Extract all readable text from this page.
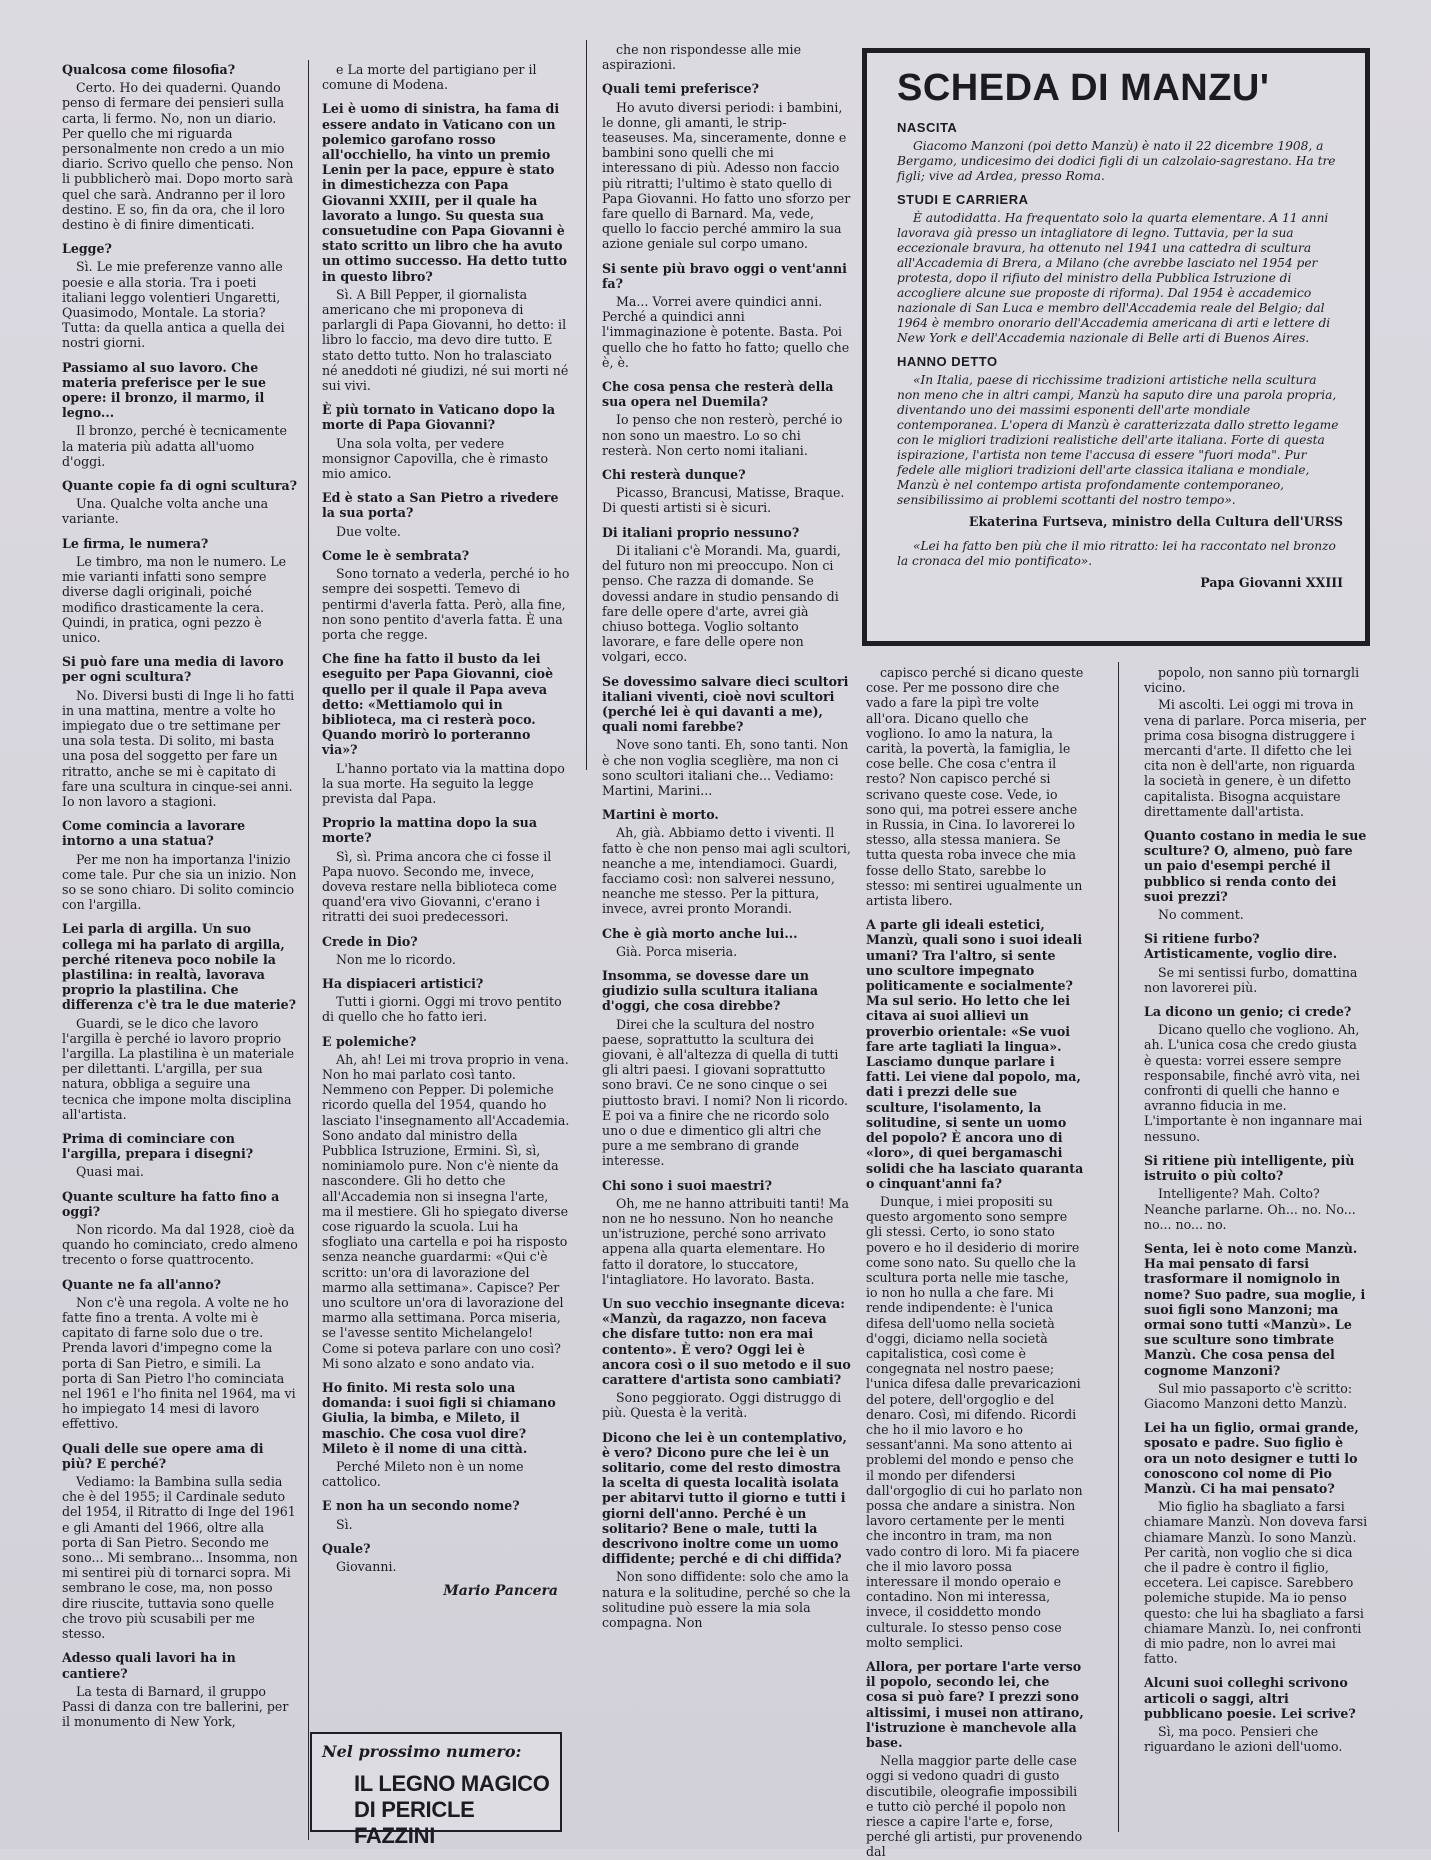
Qualcosa come filosofia?
Certo. Ho dei quaderni. Quando penso di fermare dei pensieri sulla carta, li fermo. No, non un diario. Per quello che mi riguarda personalmente non credo a un mio diario. Scrivo quello che penso. Non li pubblicherò mai. Dopo morto sarà quel che sarà. Andranno per il loro destino. E so, fin da ora, che il loro destino è di finire dimenticati.
Legge?
Sì. Le mie preferenze vanno alle poesie e alla storia. Tra i poeti italiani leggo volentieri Ungaretti, Quasimodo, Montale. La storia? Tutta: da quella antica a quella dei nostri giorni.
Passiamo al suo lavoro. Che materia preferisce per le sue opere: il bronzo, il marmo, il legno...
Il bronzo, perché è tecnicamente la materia più adatta all'uomo d'oggi.
Quante copie fa di ogni scultura?
Una. Qualche volta anche una variante.
Le firma, le numera?
Le timbro, ma non le numero. Le mie varianti infatti sono sempre diverse dagli originali, poiché modifico drasticamente la cera. Quindi, in pratica, ogni pezzo è unico.
Si può fare una media di lavoro per ogni scultura?
No. Diversi busti di Inge li ho fatti in una mattina, mentre a volte ho impiegato due o tre settimane per una sola testa. Di solito, mi basta una posa del soggetto per fare un ritratto, anche se mi è capitato di fare una scultura in cinque-sei anni. Io non lavoro a stagioni.
Come comincia a lavorare intorno a una statua?
Per me non ha importanza l'inizio come tale. Pur che sia un inizio. Non so se sono chiaro. Di solito comincio con l'argilla.
Lei parla di argilla. Un suo collega mi ha parlato di argilla, perché riteneva poco nobile la plastilina: in realtà, lavorava proprio la plastilina. Che differenza c'è tra le due materie?
Guardi, se le dico che lavoro l'argilla è perché io lavoro proprio l'argilla. La plastilina è un materiale per dilettanti. L'argilla, per sua natura, obbliga a seguire una tecnica che impone molta disciplina all'artista.
Prima di cominciare con l'argilla, prepara i disegni?
Quasi mai.
Quante sculture ha fatto fino a oggi?
Non ricordo. Ma dal 1928, cioè da quando ho cominciato, credo almeno trecento o forse quattrocento.
Quante ne fa all'anno?
Non c'è una regola. A volte ne ho fatte fino a trenta. A volte mi è capitato di farne solo due o tre. Prenda lavori d'impegno come la porta di San Pietro, e simili. La porta di San Pietro l'ho cominciata nel 1961 e l'ho finita nel 1964, ma vi ho impiegato 14 mesi di lavoro effettivo.
Quali delle sue opere ama di più? E perché?
Vediamo: la Bambina sulla sedia che è del 1955; il Cardinale seduto del 1954, il Ritratto di Inge del 1961 e gli Amanti del 1966, oltre alla porta di San Pietro. Secondo me sono... Mi sembrano... Insomma, non mi sentirei più di tornarci sopra. Mi sembrano le cose, ma, non posso dire riuscite, tuttavia sono quelle che trovo più scusabili per me stesso.
Adesso quali lavori ha in cantiere?
La testa di Barnard, il gruppo Passi di danza con tre ballerini, per il monumento di New York,
e La morte del partigiano per il comune di Modena.
Lei è uomo di sinistra, ha fama di essere andato in Vaticano con un polemico garofano rosso all'occhiello, ha vinto un premio Lenin per la pace, eppure è stato in dimestichezza con Papa Giovanni XXIII, per il quale ha lavorato a lungo. Su questa sua consuetudine con Papa Giovanni è stato scritto un libro che ha avuto un ottimo successo. Ha detto tutto in questo libro?
Sì. A Bill Pepper, il giornalista americano che mi proponeva di parlargli di Papa Giovanni, ho detto: il libro lo faccio, ma devo dire tutto. E stato detto tutto. Non ho tralasciato né aneddoti né giudizi, né sui morti né sui vivi.
È più tornato in Vaticano dopo la morte di Papa Giovanni?
Una sola volta, per vedere monsignor Capovilla, che è rimasto mio amico.
Ed è stato a San Pietro a rivedere la sua porta?
Due volte.
Come le è sembrata?
Sono tornato a vederla, perché io ho sempre dei sospetti. Temevo di pentirmi d'averla fatta. Però, alla fine, non sono pentito d'averla fatta. È una porta che regge.
Che fine ha fatto il busto da lei eseguito per Papa Giovanni, cioè quello per il quale il Papa aveva detto: «Mettiamolo qui in biblioteca, ma ci resterà poco. Quando morirò lo porteranno via»?
L'hanno portato via la mattina dopo la sua morte. Ha seguito la legge prevista dal Papa.
Proprio la mattina dopo la sua morte?
Sì, sì. Prima ancora che ci fosse il Papa nuovo. Secondo me, invece, doveva restare nella biblioteca come quand'era vivo Giovanni, c'erano i ritratti dei suoi predecessori.
Crede in Dio?
Non me lo ricordo.
Ha dispiaceri artistici?
Tutti i giorni. Oggi mi trovo pentito di quello che ho fatto ieri.
E polemiche?
Ah, ah! Lei mi trova proprio in vena. Non ho mai parlato così tanto. Nemmeno con Pepper. Di polemiche ricordo quella del 1954, quando ho lasciato l'insegnamento all'Accademia. Sono andato dal ministro della Pubblica Istruzione, Ermini. Sì, sì, nominiamolo pure. Non c'è niente da nascondere. Gli ho detto che all'Accademia non si insegna l'arte, ma il mestiere. Gli ho spiegato diverse cose riguardo la scuola. Lui ha sfogliato una cartella e poi ha risposto senza neanche guardarmi: «Qui c'è scritto: un'ora di lavorazione del marmo alla settimana». Capisce? Per uno scultore un'ora di lavorazione del marmo alla settimana. Porca miseria, se l'avesse sentito Michelangelo! Come si poteva parlare con uno così? Mi sono alzato e sono andato via.
Ho finito. Mi resta solo una domanda: i suoi figli si chiamano Giulia, la bimba, e Mileto, il maschio. Che cosa vuol dire? Mileto è il nome di una città.
Perché Mileto non è un nome cattolico.
E non ha un secondo nome?
Sì.
Quale?
Giovanni.
Mario Pancera
che non rispondesse alle mie aspirazioni.
Quali temi preferisce?
Ho avuto diversi periodi: i bambini, le donne, gli amanti, le strip-teaseuses. Ma, sinceramente, donne e bambini sono quelli che mi interessano di più. Adesso non faccio più ritratti; l'ultimo è stato quello di Papa Giovanni. Ho fatto uno sforzo per fare quello di Barnard. Ma, vede, quello lo faccio perché ammiro la sua azione geniale sul corpo umano.
Si sente più bravo oggi o vent'anni fa?
Ma... Vorrei avere quindici anni. Perché a quindici anni l'immaginazione è potente. Basta. Poi quello che ho fatto ho fatto; quello che è, è.
Che cosa pensa che resterà della sua opera nel Duemila?
Io penso che non resterò, perché io non sono un maestro. Lo so chi resterà. Non certo nomi italiani.
Chi resterà dunque?
Picasso, Brancusi, Matisse, Braque. Di questi artisti si è sicuri.
Di italiani proprio nessuno?
Di italiani c'è Morandi. Ma, guardi, del futuro non mi preoccupo. Non ci penso. Che razza di domande. Se dovessi andare in studio pensando di fare delle opere d'arte, avrei già chiuso bottega. Voglio soltanto lavorare, e fare delle opere non volgari, ecco.
Se dovessimo salvare dieci scultori italiani viventi, cioè novi scultori (perché lei è qui davanti a me), quali nomi farebbe?
Nove sono tanti. Eh, sono tanti. Non è che non voglia sceglière, ma non ci sono scultori italiani che... Vediamo: Martini, Marini...
Martini è morto.
Ah, già. Abbiamo detto i viventi. Il fatto è che non penso mai agli scultori, neanche a me, intendiamoci. Guardi, facciamo così: non salverei nessuno, neanche me stesso. Per la pittura, invece, avrei pronto Morandi.
Che è già morto anche lui...
Già. Porca miseria.
Insomma, se dovesse dare un giudizio sulla scultura italiana d'oggi, che cosa direbbe?
Direi che la scultura del nostro paese, soprattutto la scultura dei giovani, è all'altezza di quella di tutti gli altri paesi. I giovani soprattutto sono bravi. Ce ne sono cinque o sei piuttosto bravi. I nomi? Non li ricordo. E poi va a finire che ne ricordo solo uno o due e dimentico gli altri che pure a me sembrano di grande interesse.
Chi sono i suoi maestri?
Oh, me ne hanno attribuiti tanti! Ma non ne ho nessuno. Non ho neanche un'istruzione, perché sono arrivato appena alla quarta elementare. Ho fatto il doratore, lo stuccatore, l'intagliatore. Ho lavorato. Basta.
Un suo vecchio insegnante diceva: «Manzù, da ragazzo, non faceva che disfare tutto: non era mai contento». È vero? Oggi lei è ancora così o il suo metodo e il suo carattere d'artista sono cambiati?
Sono peggiorato. Oggi distruggo di più. Questa è la verità.
Dicono che lei è un contemplativo, è vero? Dicono pure che lei è un solitario, come del resto dimostra la scelta di questa località isolata per abitarvi tutto il giorno e tutti i giorni dell'anno. Perché è un solitario? Bene o male, tutti la descrivono inoltre come un uomo diffidente; perché e di chi diffida?
Non sono diffidente: solo che amo la natura e la solitudine, perché so che la solitudine può essere la mia sola compagna. Non
SCHEDA DI MANZU'
NASCITA

Giacomo Manzoni (poi detto Manzù) è nato il 22 dicembre 1908, a Bergamo, undicesimo dei dodici figli di un calzolaio-sagrestano. Ha tre figli; vive ad Ardea, presso Roma.

STUDI E CARRIERA

È autodidatta. Ha frequentato solo la quarta elementare. A 11 anni lavorava già presso un intagliatore di legno. Tuttavia, per la sua eccezionale bravura, ha ottenuto nel 1941 una cattedra di scultura all'Accademia di Brera, a Milano (che avrebbe lasciato nel 1954 per protesta, dopo il rifiuto del ministro della Pubblica Istruzione di accogliere alcune sue proposte di riforma). Dal 1954 è accademico nazionale di San Luca e membro dell'Accademia reale del Belgio; dal 1964 è membro onorario dell'Accademia americana di arti e lettere di New York e dell'Accademia nazionale di Belle arti di Buenos Aires.

HANNO DETTO

«In Italia, paese di ricchissime tradizioni artistiche nella scultura non meno che in altri campi, Manzù ha saputo dire una parola propria, diventando uno dei massimi esponenti dell'arte mondiale contemporanea. L'opera di Manzù è caratterizzata dallo stretto legame con le migliori tradizioni realistiche dell'arte italiana. Forte di questa ispirazione, l'artista non teme l'accusa di essere "fuori moda". Pur fedele alle migliori tradizioni dell'arte classica italiana e mondiale, Manzù è nel contempo artista profondamente contemporaneo, sensibilissimo ai problemi scottanti del nostro tempo».

Ekaterina Furtseva, ministro della Cultura dell'URSS

«Lei ha fatto ben più che il mio ritratto: lei ha raccontato nel bronzo la cronaca del mio pontificato».

Papa Giovanni XXIII

capisco perché si dicano queste cose. Per me possono dire che vado a fare la pipì tre volte all'ora. Dicano quello che vogliono. Io amo la natura, la carità, la povertà, la famiglia, le cose belle. Che cosa c'entra il resto? Non capisco perché si scrivano queste cose. Vede, io sono qui, ma potrei essere anche in Russia, in Cina. Io lavorerei lo stesso, alla stessa maniera. Se tutta questa roba invece che mia fosse dello Stato, sarebbe lo stesso: mi sentirei ugualmente un artista libero.
A parte gli ideali estetici, Manzù, quali sono i suoi ideali umani? Tra l'altro, si sente uno scultore impegnato politicamente e socialmente? Ma sul serio. Ho letto che lei citava ai suoi allievi un proverbio orientale: «Se vuoi fare arte tagliati la lingua». Lasciamo dunque parlare i fatti. Lei viene dal popolo, ma, dati i prezzi delle sue sculture, l'isolamento, la solitudine, si sente un uomo del popolo? È ancora uno di «loro», di quei bergamaschi solidi che ha lasciato quaranta o cinquant'anni fa?
Dunque, i miei propositi su questo argomento sono sempre gli stessi. Certo, io sono stato povero e ho il desiderio di morire come sono nato. Su quello che la scultura porta nelle mie tasche, io non ho nulla a che fare. Mi rende indipendente: è l'unica difesa dell'uomo nella società d'oggi, diciamo nella società capitalistica, così come è congegnata nel nostro paese; l'unica difesa dalle prevaricazioni del potere, dell'orgoglio e del denaro. Così, mi difendo. Ricordi che ho il mio lavoro e ho sessant'anni. Ma sono attento ai problemi del mondo e penso che il mondo per difendersi dall'orgoglio di cui ho parlato non possa che andare a sinistra. Non lavoro certamente per le menti che incontro in tram, ma non vado contro di loro. Mi fa piacere che il mio lavoro possa interessare il mondo operaio e contadino. Non mi interessa, invece, il cosiddetto mondo culturale. Io stesso penso cose molto semplici.
Allora, per portare l'arte verso il popolo, secondo lei, che cosa si può fare? I prezzi sono altissimi, i musei non attirano, l'istruzione è manchevole alla base.
Nella maggior parte delle case oggi si vedono quadri di gusto discutibile, oleografie impossibili e tutto ciò perché il popolo non riesce a capire l'arte e, forse, perché gli artisti, pur provenendo dal
popolo, non sanno più tornargli vicino.
Mi ascolti. Lei oggi mi trova in vena di parlare. Porca miseria, per prima cosa bisogna distruggere i mercanti d'arte. Il difetto che lei cita non è dell'arte, non riguarda la società in genere, è un difetto capitalista. Bisogna acquistare direttamente dall'artista.
Quanto costano in media le sue sculture? O, almeno, può fare un paio d'esempi perché il pubblico si renda conto dei suoi prezzi?
No comment.
Si ritiene furbo? Artisticamente, voglio dire.
Se mi sentissi furbo, domattina non lavorerei più.
La dicono un genio; ci crede?
Dicano quello che vogliono. Ah, ah. L'unica cosa che credo giusta è questa: vorrei essere sempre responsabile, finché avrò vita, nei confronti di quelli che hanno e avranno fiducia in me. L'importante è non ingannare mai nessuno.
Si ritiene più intelligente, più istruito o più colto?
Intelligente? Mah. Colto? Neanche parlarne. Oh... no. No... no... no... no.
Senta, lei è noto come Manzù. Ha mai pensato di farsi trasformare il nomignolo in nome? Suo padre, sua moglie, i suoi figli sono Manzoni; ma ormai sono tutti «Manzù». Le sue sculture sono timbrate Manzù. Che cosa pensa del cognome Manzoni?
Sul mio passaporto c'è scritto: Giacomo Manzoni detto Manzù.
Lei ha un figlio, ormai grande, sposato e padre. Suo figlio è ora un noto designer e tutti lo conoscono col nome di Pio Manzù. Ci ha mai pensato?
Mio figlio ha sbagliato a farsi chiamare Manzù. Non doveva farsi chiamare Manzù. Io sono Manzù. Per carità, non voglio che si dica che il padre è contro il figlio, eccetera. Lei capisce. Sarebbero polemiche stupide. Ma io penso questo: che lui ha sbagliato a farsi chiamare Manzù. Io, nei confronti di mio padre, non lo avrei mai fatto.
Alcuni suoi colleghi scrivono articoli o saggi, altri pubblicano poesie. Lei scrive?
Sì, ma poco. Pensieri che riguardano le azioni dell'uomo.
Nel prossimo numero:
IL LEGNO MAGICO
DI PERICLE FAZZINI
